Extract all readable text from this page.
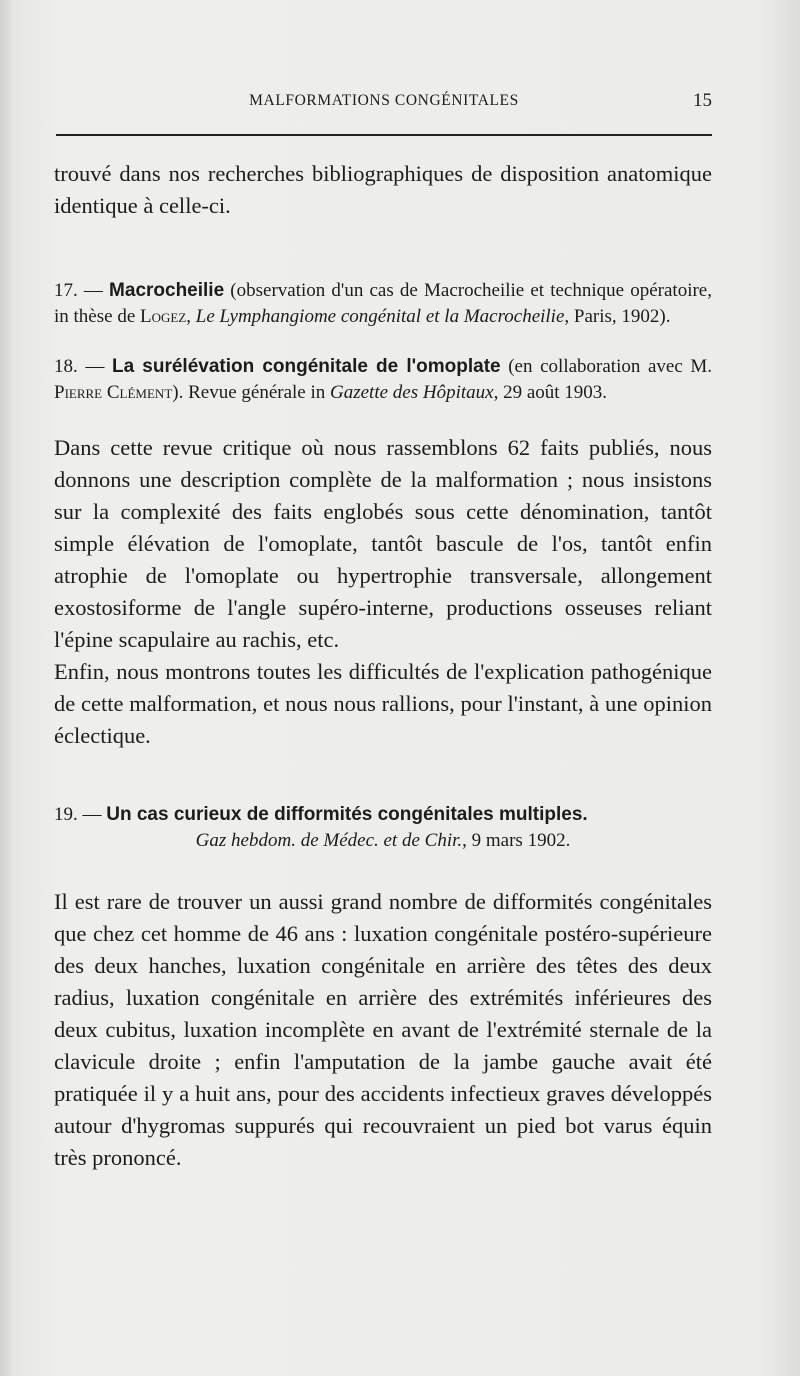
MALFORMATIONS CONGÉNITALES	15

trouvé dans nos recherches bibliographiques de disposition anatomique identique à celle-ci.

17. — Macrocheilie (observation d'un cas de Macrocheilie et technique opératoire, in thèse de Logez, Le Lymphangiome congénital et la Macrocheilie, Paris, 1902).

18. — La surélévation congénitale de l'omoplate (en collaboration avec M. Pierre Clément). Revue générale in Gazette des Hôpitaux, 29 août 1903.

Dans cette revue critique où nous rassemblons 62 faits publiés, nous donnons une description complète de la malformation ; nous insistons sur la complexité des faits englobés sous cette dénomination, tantôt simple élévation de l'omoplate, tantôt bascule de l'os, tantôt enfin atrophie de l'omoplate ou hypertrophie transversale, allongement exostosiforme de l'angle supéro-interne, productions osseuses reliant l'épine scapulaire au rachis, etc.

Enfin, nous montrons toutes les difficultés de l'explication pathogénique de cette malformation, et nous nous rallions, pour l'instant, à une opinion éclectique.

19. — Un cas curieux de difformités congénitales multiples.

Gaz hebdom. de Médec. et de Chir., 9 mars 1902.

Il est rare de trouver un aussi grand nombre de difformités congénitales que chez cet homme de 46 ans : luxation congénitale postéro-supérieure des deux hanches, luxation congénitale en arrière des têtes des deux radius, luxation congénitale en arrière des extrémités inférieures des deux cubitus, luxation incomplète en avant de l'extrémité sternale de la clavicule droite ; enfin l'amputation de la jambe gauche avait été pratiquée il y a huit ans, pour des accidents infectieux graves développés autour d'hygromas suppurés qui recouvraient un pied bot varus équin très prononcé.
